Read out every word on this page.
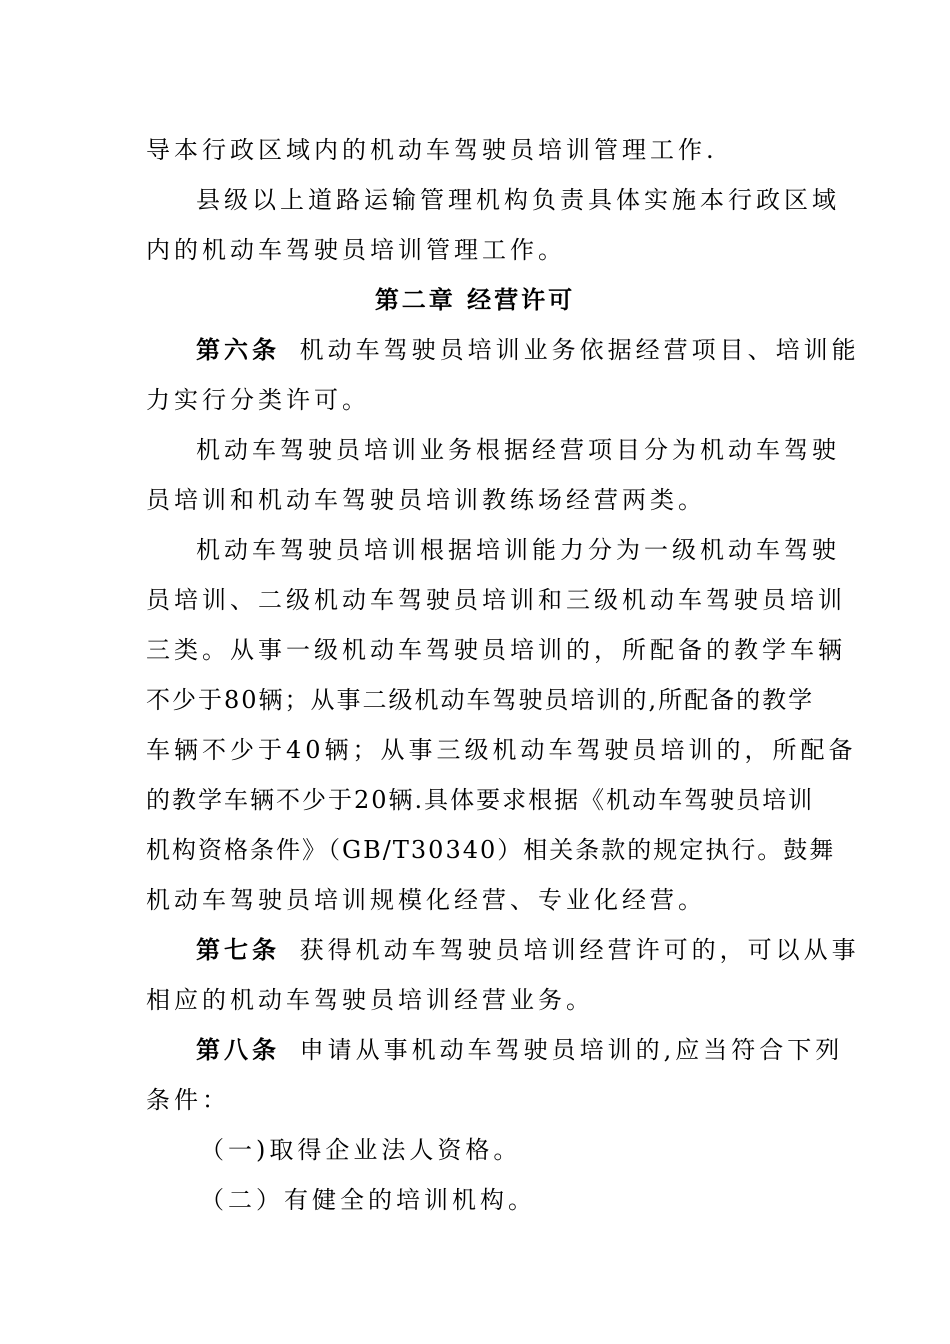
导本行政区域内的机动车驾驶员培训管理工作.

县级以上道路运输管理机构负责具体实施本行政区域

内的机动车驾驶员培训管理工作。

第二章 经营许可

第六条 机动车驾驶员培训业务依据经营项目、培训能

力实行分类许可。

机动车驾驶员培训业务根据经营项目分为机动车驾驶

员培训和机动车驾驶员培训教练场经营两类。

机动车驾驶员培训根据培训能力分为一级机动车驾驶

员培训、二级机动车驾驶员培训和三级机动车驾驶员培训

三类。从事一级机动车驾驶员培训的，所配备的教学车辆

不少于80辆；从事二级机动车驾驶员培训的,所配备的教学

车辆不少于40辆；从事三级机动车驾驶员培训的，所配备

的教学车辆不少于20辆.具体要求根据《机动车驾驶员培训

机构资格条件》（GB/T30340）相关条款的规定执行。鼓舞

机动车驾驶员培训规模化经营、专业化经营。

第七条 获得机动车驾驶员培训经营许可的，可以从事

相应的机动车驾驶员培训经营业务。

第八条 申请从事机动车驾驶员培训的,应当符合下列

条件：

（一)取得企业法人资格。

（二）有健全的培训机构。
